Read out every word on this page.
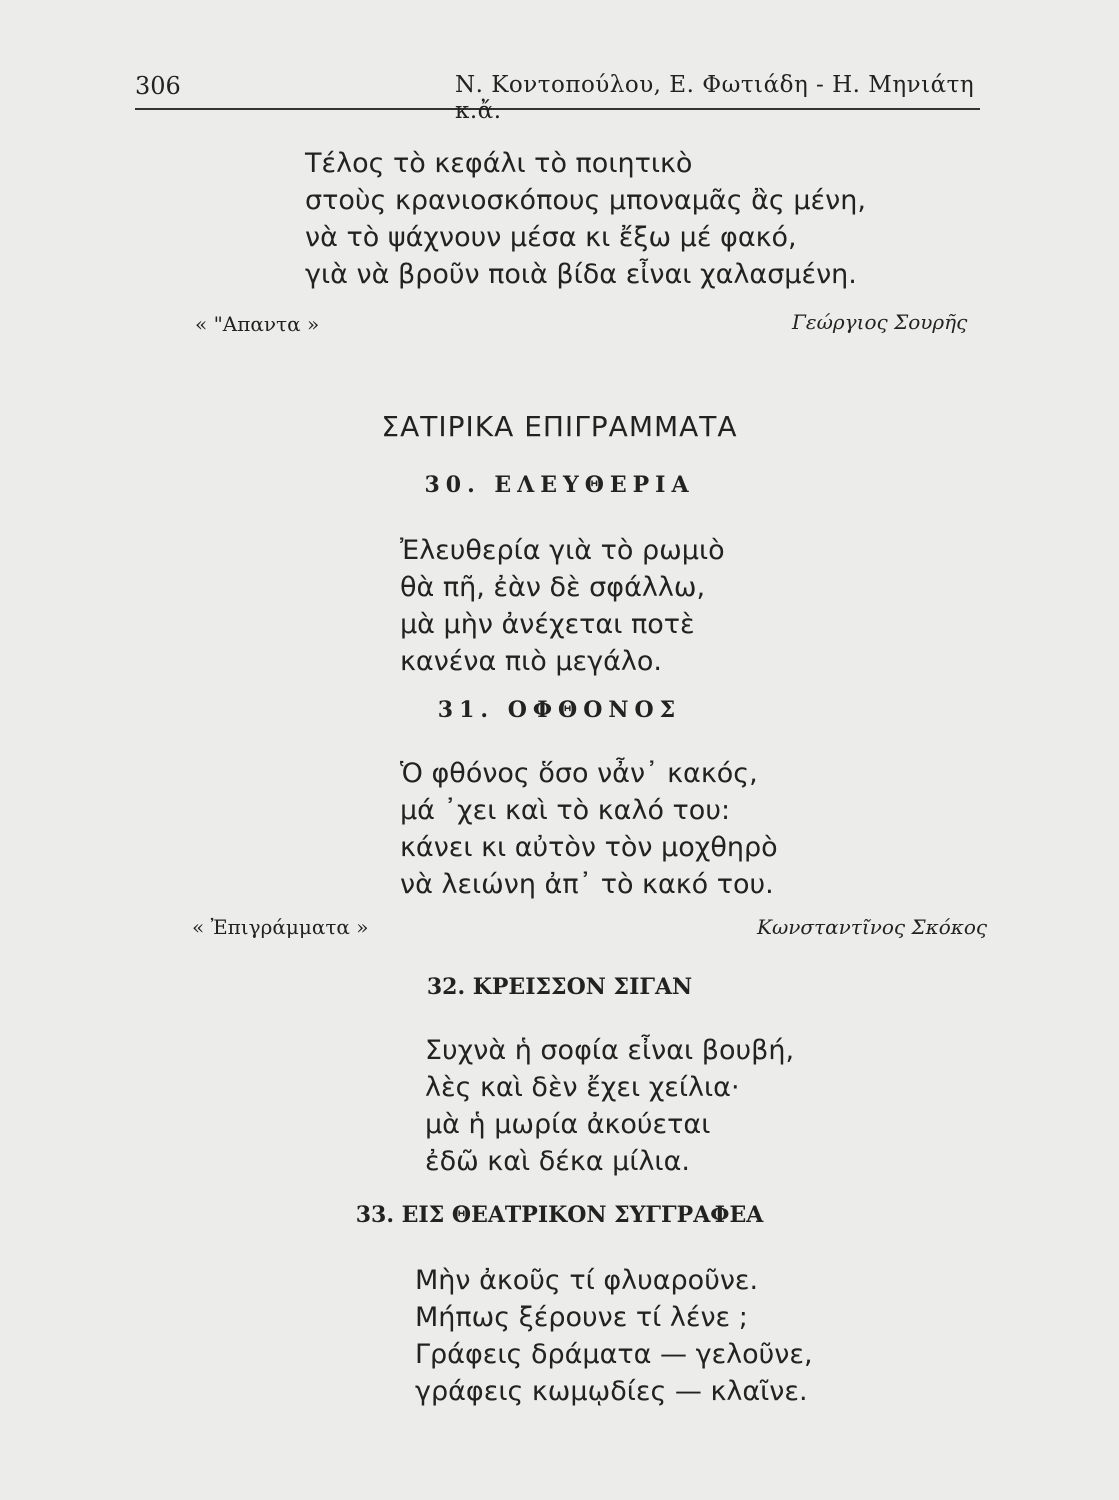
306	Ν. Κοντοπούλου, Ε. Φωτιάδη - Η. Μηνιάτη κ.ἄ.
Τέλος τὸ κεφάλι τὸ ποιητικὸ
στοὺς κρανιοσκόπους μποναμᾶς ἂς μένη,
νὰ τὸ ψάχνουν μέσα κι ἔξω μέ φακό,
γιὰ νὰ βροῦν ποιὰ βίδα εἶναι χαλασμένη.
« "Απαντα »	Γεώργιος Σουρῆς
ΣΑΤΙΡΙΚΑ ΕΠΙΓΡΑΜΜΑΤΑ
30. ΕΛΕΥΘΕΡΙΑ
Ἐλευθερία γιὰ τὸ ρωμιὸ
θὰ πῆ, ἐὰν δὲ σφάλλω,
μὰ μὴν ἀνέχεται ποτὲ
κανένα πιὸ μεγάλο.
31. ΟΦΘΟΝΟΣ
Ὁ φθόνος ὅσο νἆν᾽ κακός,
μά ᾽χει καὶ τὸ καλό του:
κάνει κι αὐτὸν τὸν μοχθηρὸ
νὰ λειώνη ἀπ᾽ τὸ κακό του.
« Ἐπιγράμματα »	Κωνσταντῖνος Σκόκος
32. ΚΡΕΙΣΣΟΝ ΣΙΓΑΝ
Συχνὰ ἡ σοφία εἶναι βουβή,
λὲς καὶ δὲν ἔχει χείλια·
μὰ ἡ μωρία ἀκούεται
ἐδῶ καὶ δέκα μίλια.
33. ΕΙΣ ΘΕΑΤΡΙΚΟΝ ΣΥΓΓΡΑΦΕΑ
Μὴν ἀκοῦς τί φλυαροῦνε.
Μήπως ξέρουνε τί λένε ;
Γράφεις δράματα — γελοῦνε,
γράφεις κωμῳδίες — κλαῖνε.
